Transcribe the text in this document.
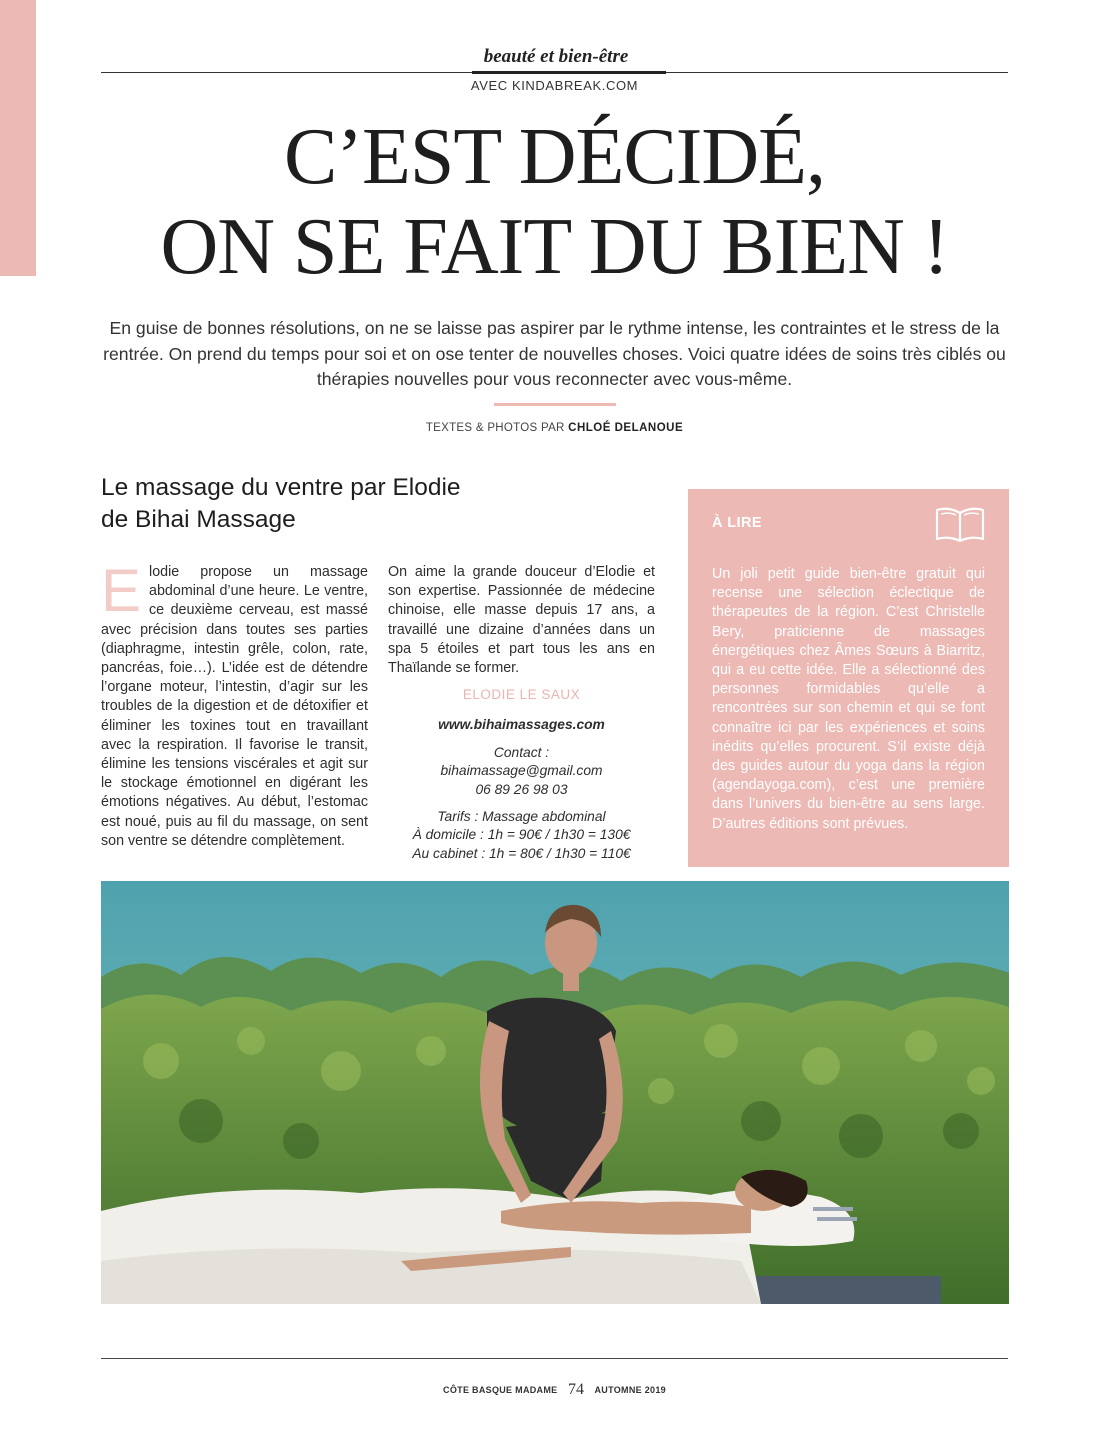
beauté et bien-être
AVEC KINDABREAK.COM
C’EST DÉCIDÉ,
ON SE FAIT DU BIEN !

En guise de bonnes résolutions, on ne se laisse pas aspirer par le rythme intense, les contraintes et le stress de la rentrée. On prend du temps pour soi et on ose tenter de nouvelles choses. Voici quatre idées de soins très ciblés ou thérapies nouvelles pour vous reconnecter avec vous-même.

TEXTES & PHOTOS PAR CHLOÉ DELANOUE
Le massage du ventre par Elodie
de Bihai Massage

Elodie propose un massage abdominal d’une heure. Le ventre, ce deuxième cerveau, est massé avec précision dans toutes ses parties (diaphragme, intestin grêle, colon, rate, pancréas, foie…). L’idée est de détendre l’organe moteur, l’intestin, d’agir sur les troubles de la digestion et de détoxifier et éliminer les toxines tout en travaillant avec la respiration. Il favorise le transit, élimine les tensions viscérales et agit sur le stockage émotionnel en digérant les émotions négatives. Au début, l’estomac est noué, puis au fil du massage, on sent son ventre se détendre complètement.

On aime la grande douceur d’Elodie et son expertise. Passionnée de médecine chinoise, elle masse depuis 17 ans, a travaillé une dizaine d’années dans un spa 5 étoiles et part tous les ans en Thaïlande se former.

ELODIE LE SAUX
www.bihaimassages.com
Contact :
bihaimassage@gmail.com
06 89 26 98 03
Tarifs : Massage abdominal
À domicile : 1h = 90€ / 1h30 = 130€
Au cabinet : 1h = 80€ / 1h30 = 110€

À LIRE

Un joli petit guide bien-être gratuit qui recense une sélection éclectique de thérapeutes de la région. C’est Christelle Bery, praticienne de massages énergétiques chez Âmes Sœurs à Biarritz, qui a eu cette idée. Elle a sélectionné des personnes formidables qu’elle a rencontrées sur son chemin et qui se font connaître ici par les expériences et soins inédits qu’elles procurent. S’il existe déjà des guides autour du yoga dans la région (agendayoga.com), c’est une première dans l’univers du bien-être au sens large. D’autres éditions sont prévues.

CÔTE BASQUE MADAME 74 AUTOMNE 2019
